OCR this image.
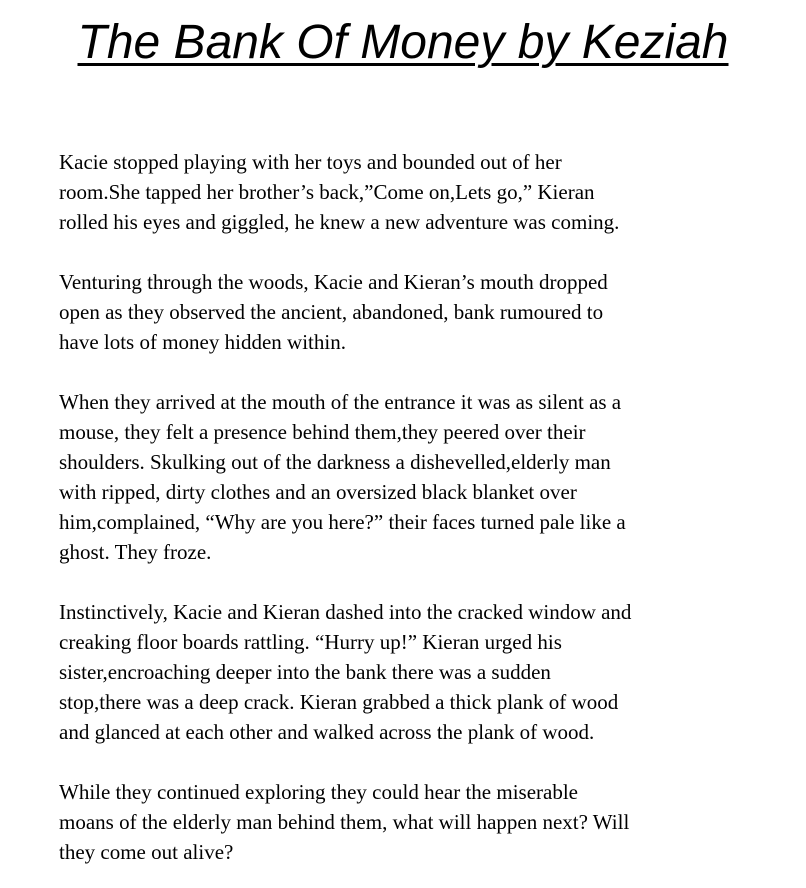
The Bank Of Money by Keziah

Kacie stopped playing with her toys and bounded out of her
room.She tapped her brother’s back,”Come on,Lets go,” Kieran
rolled his eyes and giggled, he knew a new adventure was coming.

Venturing through the woods, Kacie and Kieran’s mouth dropped
open as they observed the ancient, abandoned, bank rumoured to
have lots of money hidden within.

When they arrived at the mouth of the entrance it was as silent as a
mouse, they felt a presence behind them,they peered over their
shoulders. Skulking out of the darkness a dishevelled,elderly man
with ripped, dirty clothes and an oversized black blanket over
him,complained, “Why are you here?” their faces turned pale like a
ghost. They froze.

Instinctively, Kacie and Kieran dashed into the cracked window and
creaking floor boards rattling. “Hurry up!” Kieran urged his
sister,encroaching deeper into the bank there was a sudden
stop,there was a deep crack. Kieran grabbed a thick plank of wood
and glanced at each other and walked across the plank of wood.

While they continued exploring they could hear the miserable
moans of the elderly man behind them, what will happen next? Will
they come out alive?
